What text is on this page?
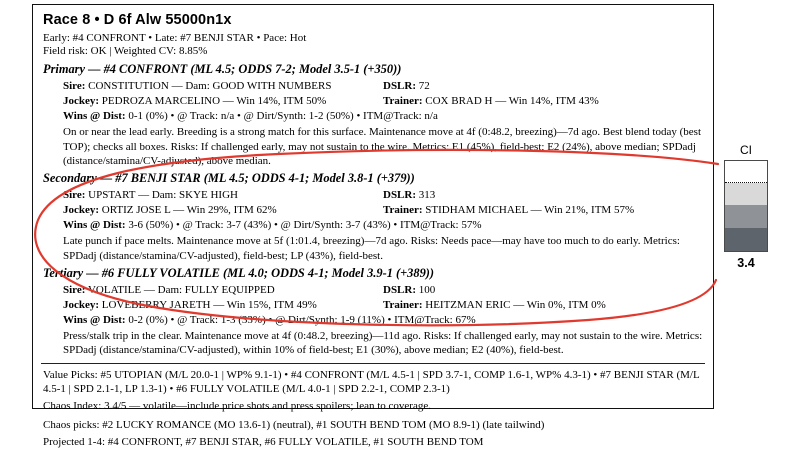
Race 8 • D 6f Alw 55000n1x
Early: #4 CONFRONT • Late: #7 BENJI STAR • Pace: Hot
Field risk: OK | Weighted CV: 8.85%
Primary — #4 CONFRONT (ML 4.5; ODDS 7-2; Model 3.5-1 (+350))
Sire: CONSTITUTION — Dam: GOOD WITH NUMBERS	DSLR: 72
Jockey: PEDROZA MARCELINO — Win 14%, ITM 50%	Trainer: COX BRAD H — Win 14%, ITM 43%
Wins @ Dist: 0-1 (0%) • @ Track: n/a • @ Dirt/Synth: 1-2 (50%) • ITM@Track: n/a
On or near the lead early. Breeding is a strong match for this surface. Maintenance move at 4f (0:48.2, breezing)—7d ago. Best blend today (best TOP); checks all boxes. Risks: If challenged early, may not sustain to the wire. Metrics: E1 (45%), field-best; E2 (24%), above median; SPDadj (distance/stamina/CV-adjusted), above median.
Secondary — #7 BENJI STAR (ML 4.5; ODDS 4-1; Model 3.8-1 (+379))
Sire: UPSTART — Dam: SKYE HIGH	DSLR: 313
Jockey: ORTIZ JOSE L — Win 29%, ITM 62%	Trainer: STIDHAM MICHAEL — Win 21%, ITM 57%
Wins @ Dist: 3-6 (50%) • @ Track: 3-7 (43%) • @ Dirt/Synth: 3-7 (43%) • ITM@Track: 57%
Late punch if pace melts. Maintenance move at 5f (1:01.4, breezing)—7d ago. Risks: Needs pace—may have too much to do early. Metrics: SPDadj (distance/stamina/CV-adjusted), field-best; LP (43%), field-best.
Tertiary — #6 FULLY VOLATILE (ML 4.0; ODDS 4-1; Model 3.9-1 (+389))
Sire: VOLATILE — Dam: FULLY EQUIPPED	DSLR: 100
Jockey: LOVEBERRY JARETH — Win 15%, ITM 49%	Trainer: HEITZMAN ERIC — Win 0%, ITM 0%
Wins @ Dist: 0-2 (0%) • @ Track: 1-3 (33%) • @ Dirt/Synth: 1-9 (11%) • ITM@Track: 67%
Press/stalk trip in the clear. Maintenance move at 4f (0:48.2, breezing)—11d ago. Risks: If challenged early, may not sustain to the wire. Metrics: SPDadj (distance/stamina/CV-adjusted), within 10% of field-best; E1 (30%), above median; E2 (40%), field-best.
Value Picks: #5 UTOPIAN (M/L 20.0-1 | WP% 9.1-1) • #4 CONFRONT (M/L 4.5-1 | SPD 3.7-1, COMP 1.6-1, WP% 4.3-1) • #7 BENJI STAR (M/L 4.5-1 | SPD 2.1-1, LP 1.3-1) • #6 FULLY VOLATILE (M/L 4.0-1 | SPD 2.2-1, COMP 2.3-1)
Chaos Index: 3.4/5 — volatile—include price shots and press spoilers; lean to coverage.
Chaos picks: #2 LUCKY ROMANCE (MO 13.6-1) (neutral), #1 SOUTH BEND TOM (MO 8.9-1) (late tailwind)
Projected 1-4: #4 CONFRONT, #7 BENJI STAR, #6 FULLY VOLATILE, #1 SOUTH BEND TOM
CI
3.4
